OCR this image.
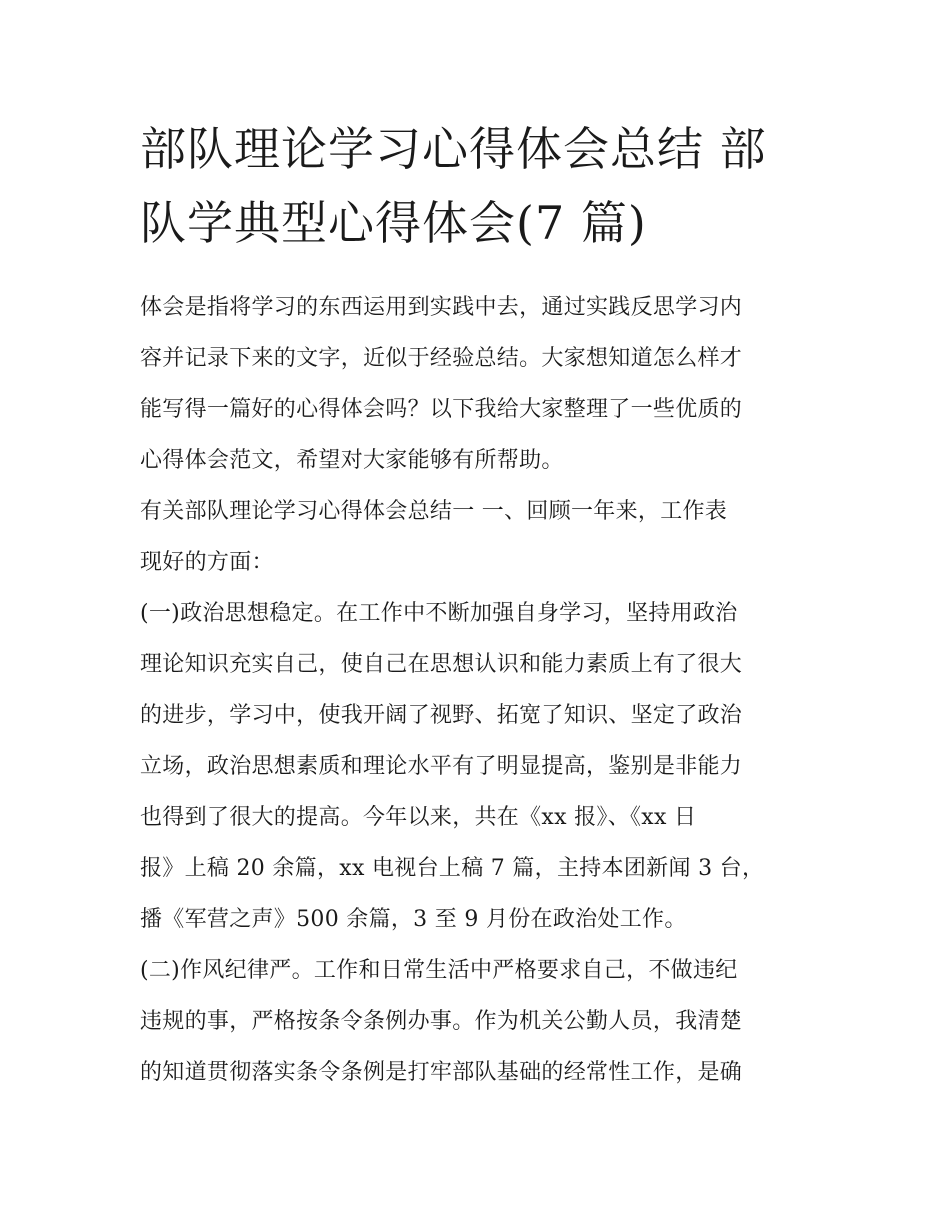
部队理论学习心得体会总结 部
队学典型心得体会(7 篇)
体会是指将学习的东西运用到实践中去，通过实践反思学习内
容并记录下来的文字，近似于经验总结。大家想知道怎么样才
能写得一篇好的心得体会吗？以下我给大家整理了一些优质的
心得体会范文，希望对大家能够有所帮助。
有关部队理论学习心得体会总结一 一、回顾一年来，工作表
现好的方面：
(一)政治思想稳定。在工作中不断加强自身学习，坚持用政治
理论知识充实自己，使自己在思想认识和能力素质上有了很大
的进步，学习中，使我开阔了视野、拓宽了知识、坚定了政治
立场，政治思想素质和理论水平有了明显提高，鉴别是非能力
也得到了很大的提高。今年以来，共在《xx 报》、《xx 日
报》上稿 20 余篇，xx 电视台上稿 7 篇，主持本团新闻 3 台，
播《军营之声》500 余篇，3 至 9 月份在政治处工作。
(二)作风纪律严。工作和日常生活中严格要求自己，不做违纪
违规的事，严格按条令条例办事。作为机关公勤人员，我清楚
的知道贯彻落实条令条例是打牢部队基础的经常性工作，是确
